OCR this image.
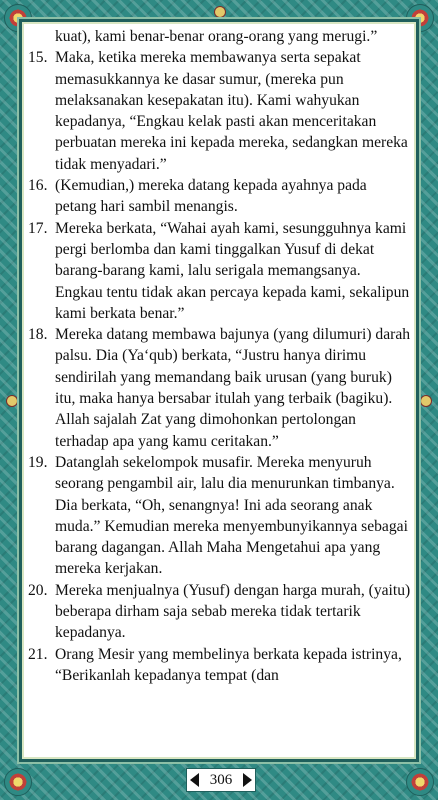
kuat), kami benar-benar orang-orang yang merugi.”

15. Maka, ketika mereka membawanya serta sepakat memasukkannya ke dasar sumur, (mereka pun melaksanakan kesepakatan itu). Kami wahyukan kepadanya, “Engkau kelak pasti akan menceritakan perbuatan mereka ini kepada mereka, sedangkan mereka tidak menyadari.”
16. (Kemudian,) mereka datang kepada ayahnya pada petang hari sambil menangis.
17. Mereka berkata, “Wahai ayah kami, sesungguhnya kami pergi berlomba dan kami tinggalkan Yusuf di dekat barang-barang kami, lalu serigala memangsanya. Engkau tentu tidak akan percaya kepada kami, sekalipun kami berkata benar.”
18. Mereka datang membawa bajunya (yang dilumuri) darah palsu. Dia (Ya‘qub) berkata, “Justru hanya dirimu sendirilah yang memandang baik urusan (yang buruk) itu, maka hanya bersabar itulah yang terbaik (bagiku). Allah sajalah Zat yang dimohonkan pertolongan terhadap apa yang kamu ceritakan.”
19. Datanglah sekelompok musafir. Mereka menyuruh seorang pengambil air, lalu dia menurunkan timbanya. Dia berkata, “Oh, senangnya! Ini ada seorang anak muda.” Kemudian mereka menyembunyikannya sebagai barang dagangan. Allah Maha Mengetahui apa yang mereka kerjakan.
20. Mereka menjualnya (Yusuf) dengan harga murah, (yaitu) beberapa dirham saja sebab mereka tidak tertarik kepadanya.
21. Orang Mesir yang membelinya berkata kepada istrinya, “Berikanlah kepadanya tempat (dan
306
